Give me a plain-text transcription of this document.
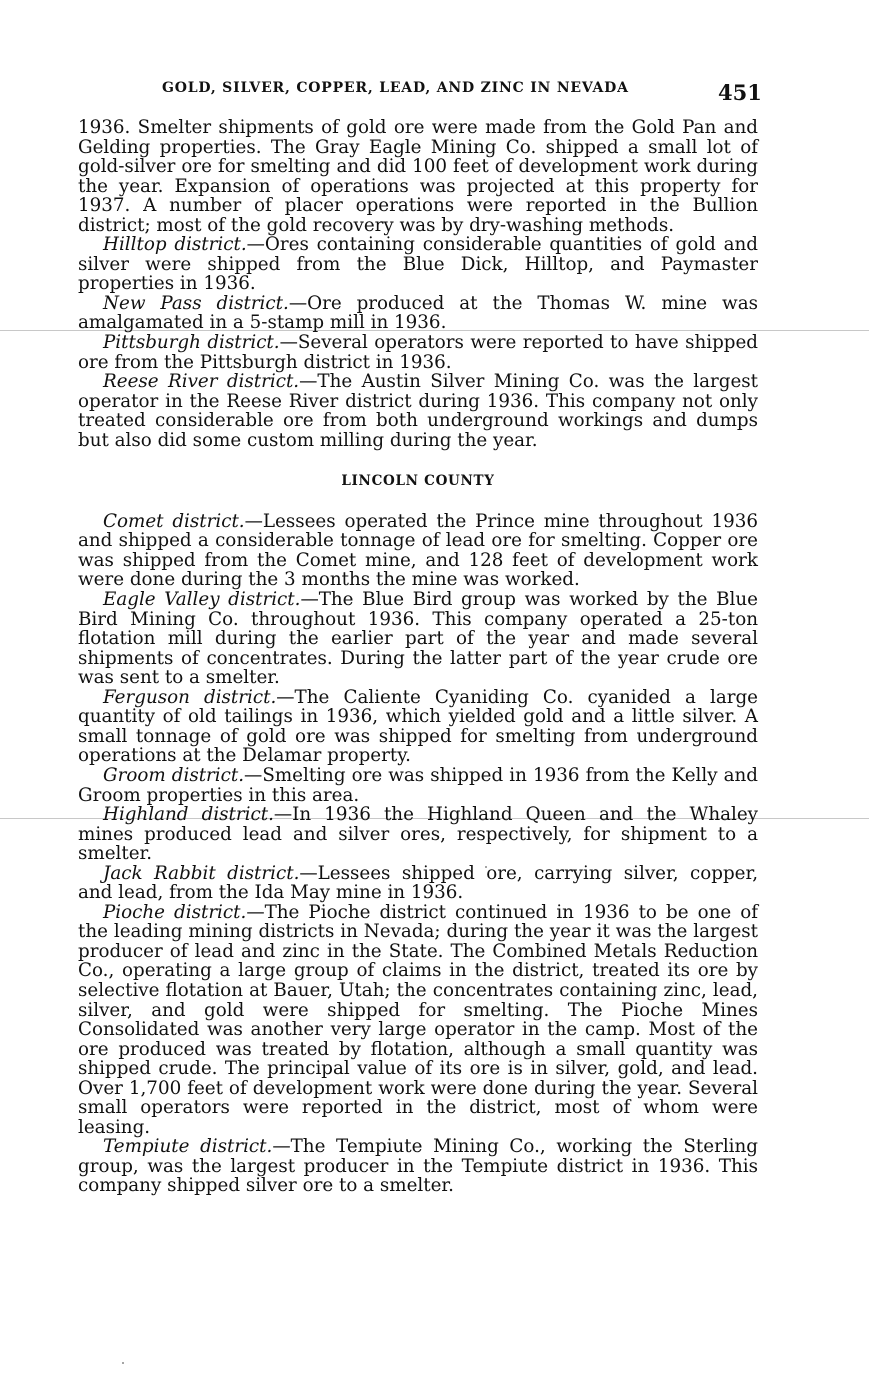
GOLD, SILVER, COPPER, LEAD, AND ZINC IN NEVADA	451

1936. Smelter shipments of gold ore were made from the Gold Pan and Gelding properties. The Gray Eagle Mining Co. shipped a small lot of gold-silver ore for smelting and did 100 feet of development work during the year. Expansion of operations was projected at this property for 1937. A number of placer operations were reported in the Bullion district; most of the gold recovery was by dry-washing methods.

Hilltop district.—Ores containing considerable quantities of gold and silver were shipped from the Blue Dick, Hilltop, and Paymaster properties in 1936.

New Pass district.—Ore produced at the Thomas W. mine was amalgamated in a 5-stamp mill in 1936.

Pittsburgh district.—Several operators were reported to have shipped ore from the Pittsburgh district in 1936.

Reese River district.—The Austin Silver Mining Co. was the largest operator in the Reese River district during 1936. This company not only treated considerable ore from both underground workings and dumps but also did some custom milling during the year.

LINCOLN COUNTY

Comet district.—Lessees operated the Prince mine throughout 1936 and shipped a considerable tonnage of lead ore for smelting. Copper ore was shipped from the Comet mine, and 128 feet of development work were done during the 3 months the mine was worked.

Eagle Valley district.—The Blue Bird group was worked by the Blue Bird Mining Co. throughout 1936. This company operated a 25-ton flotation mill during the earlier part of the year and made several shipments of concentrates. During the latter part of the year crude ore was sent to a smelter.

Ferguson district.—The Caliente Cyaniding Co. cyanided a large quantity of old tailings in 1936, which yielded gold and a little silver. A small tonnage of gold ore was shipped for smelting from underground operations at the Delamar property.

Groom district.—Smelting ore was shipped in 1936 from the Kelly and Groom properties in this area.

Highland district.—In 1936 the Highland Queen and the Whaley mines produced lead and silver ores, respectively, for shipment to a smelter.

Jack Rabbit district.—Lessees shipped ore, carrying silver, copper, and lead, from the Ida May mine in 1936.

Pioche district.—The Pioche district continued in 1936 to be one of the leading mining districts in Nevada; during the year it was the largest producer of lead and zinc in the State. The Combined Metals Reduction Co., operating a large group of claims in the district, treated its ore by selective flotation at Bauer, Utah; the concentrates containing zinc, lead, silver, and gold were shipped for smelting. The Pioche Mines Consolidated was another very large operator in the camp. Most of the ore produced was treated by flotation, although a small quantity was shipped crude. The principal value of its ore is in silver, gold, and lead. Over 1,700 feet of development work were done during the year. Several small operators were reported in the district, most of whom were leasing.

Tempiute district.—The Tempiute Mining Co., working the Sterling group, was the largest producer in the Tempiute district in 1936. This company shipped silver ore to a smelter.
